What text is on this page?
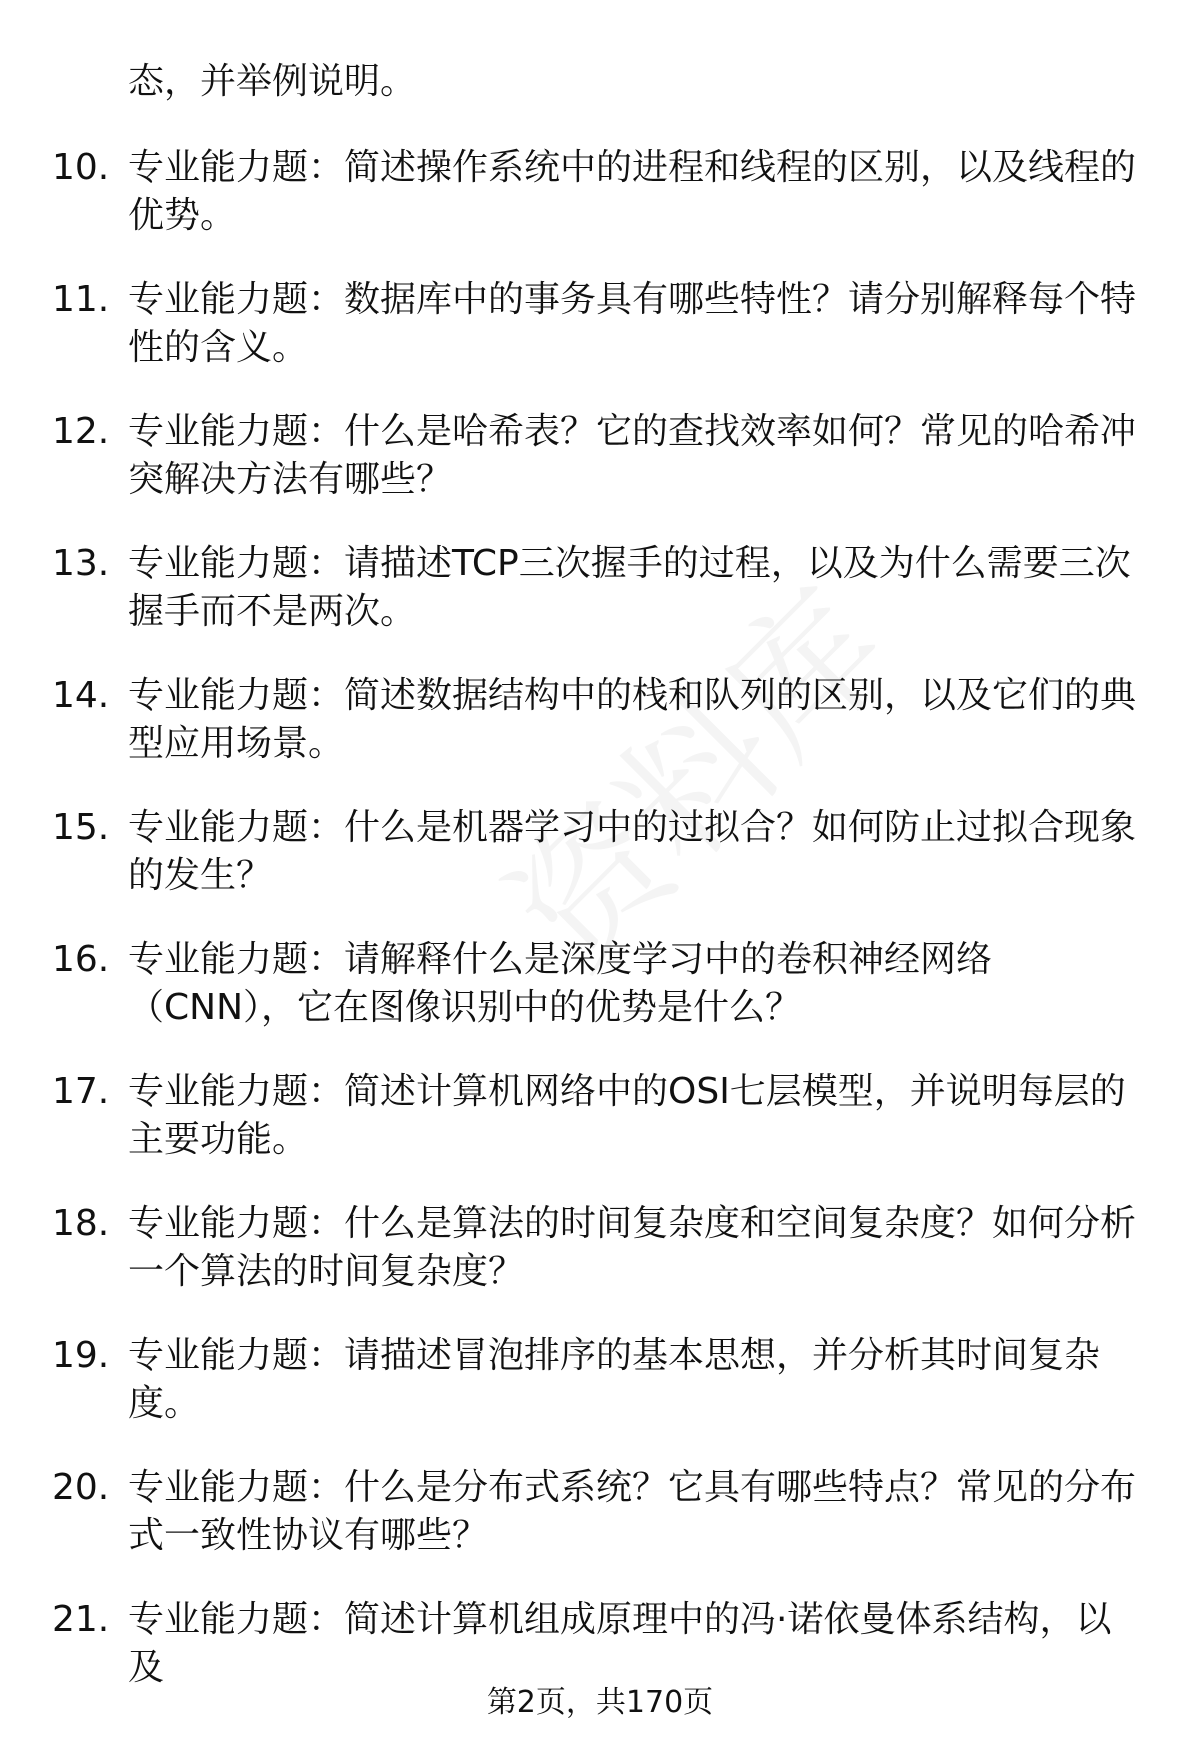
态，并举例说明。
10. 专业能力题：简述操作系统中的进程和线程的区别，以及线程的优势。
11. 专业能力题：数据库中的事务具有哪些特性？请分别解释每个特性的含义。
12. 专业能力题：什么是哈希表？它的查找效率如何？常见的哈希冲突解决方法有哪些？
13. 专业能力题：请描述TCP三次握手的过程，以及为什么需要三次握手而不是两次。
14. 专业能力题：简述数据结构中的栈和队列的区别，以及它们的典型应用场景。
15. 专业能力题：什么是机器学习中的过拟合？如何防止过拟合现象的发生？
16. 专业能力题：请解释什么是深度学习中的卷积神经网络（CNN），它在图像识别中的优势是什么？
17. 专业能力题：简述计算机网络中的OSI七层模型，并说明每层的主要功能。
18. 专业能力题：什么是算法的时间复杂度和空间复杂度？如何分析一个算法的时间复杂度？
19. 专业能力题：请描述冒泡排序的基本思想，并分析其时间复杂度。
20. 专业能力题：什么是分布式系统？它具有哪些特点？常见的分布式一致性协议有哪些？
21. 专业能力题：简述计算机组成原理中的冯·诺依曼体系结构，以及
第2页，共170页
